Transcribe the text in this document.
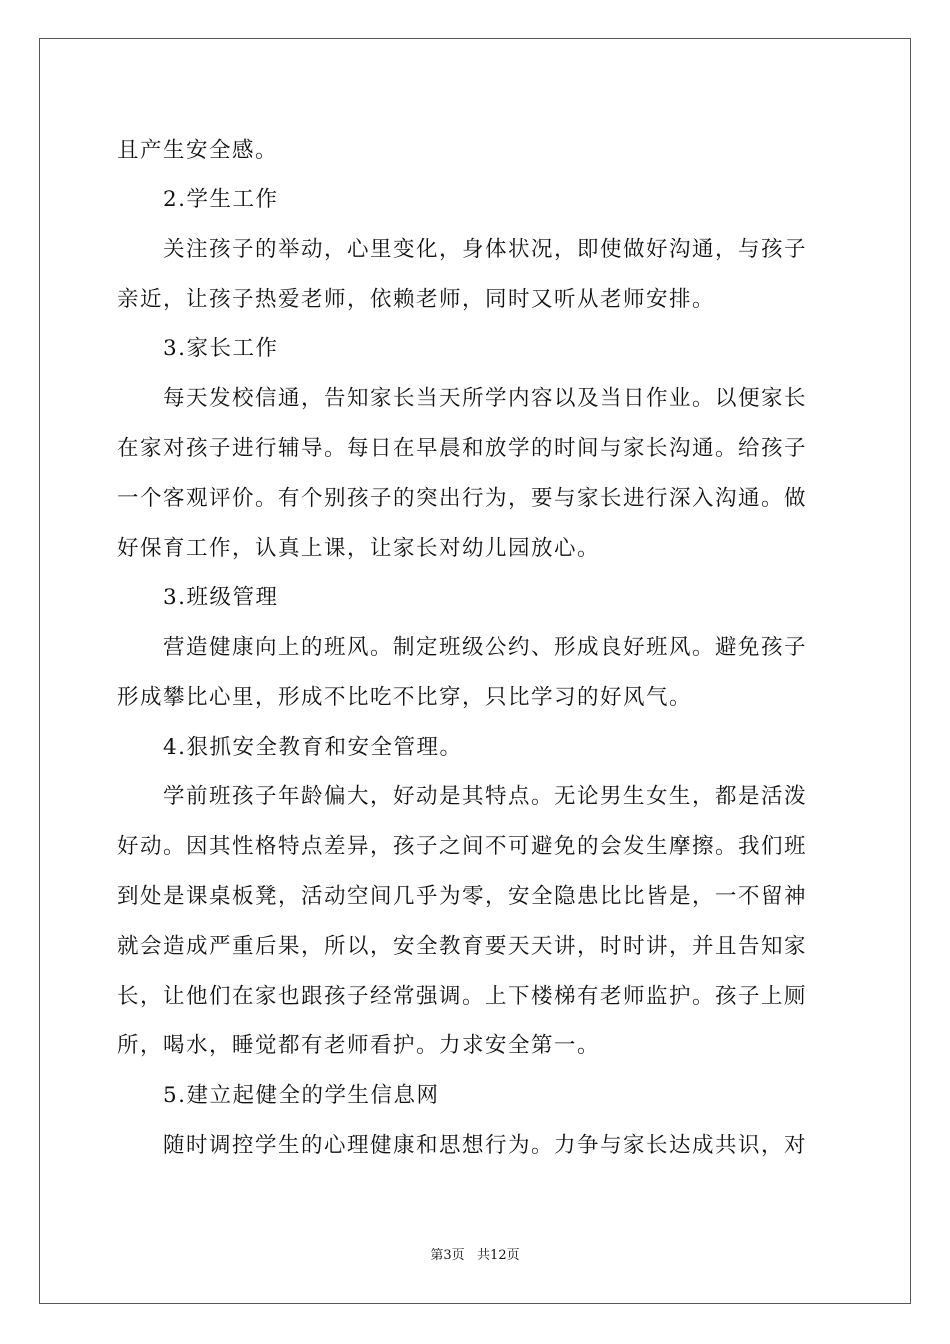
且产生安全感。
2.学生工作
关注孩子的举动，心里变化，身体状况，即使做好沟通，与孩子
亲近，让孩子热爱老师，依赖老师，同时又听从老师安排。
3.家长工作
每天发校信通，告知家长当天所学内容以及当日作业。以便家长
在家对孩子进行辅导。每日在早晨和放学的时间与家长沟通。给孩子
一个客观评价。有个别孩子的突出行为，要与家长进行深入沟通。做
好保育工作，认真上课，让家长对幼儿园放心。
3.班级管理
营造健康向上的班风。制定班级公约、形成良好班风。避免孩子
形成攀比心里，形成不比吃不比穿，只比学习的好风气。
4.狠抓安全教育和安全管理。
学前班孩子年龄偏大，好动是其特点。无论男生女生，都是活泼
好动。因其性格特点差异，孩子之间不可避免的会发生摩擦。我们班
到处是课桌板凳，活动空间几乎为零，安全隐患比比皆是，一不留神
就会造成严重后果，所以，安全教育要天天讲，时时讲，并且告知家
长，让他们在家也跟孩子经常强调。上下楼梯有老师监护。孩子上厕
所，喝水，睡觉都有老师看护。力求安全第一。
5.建立起健全的学生信息网
随时调控学生的心理健康和思想行为。力争与家长达成共识，对
第3页   共12页
